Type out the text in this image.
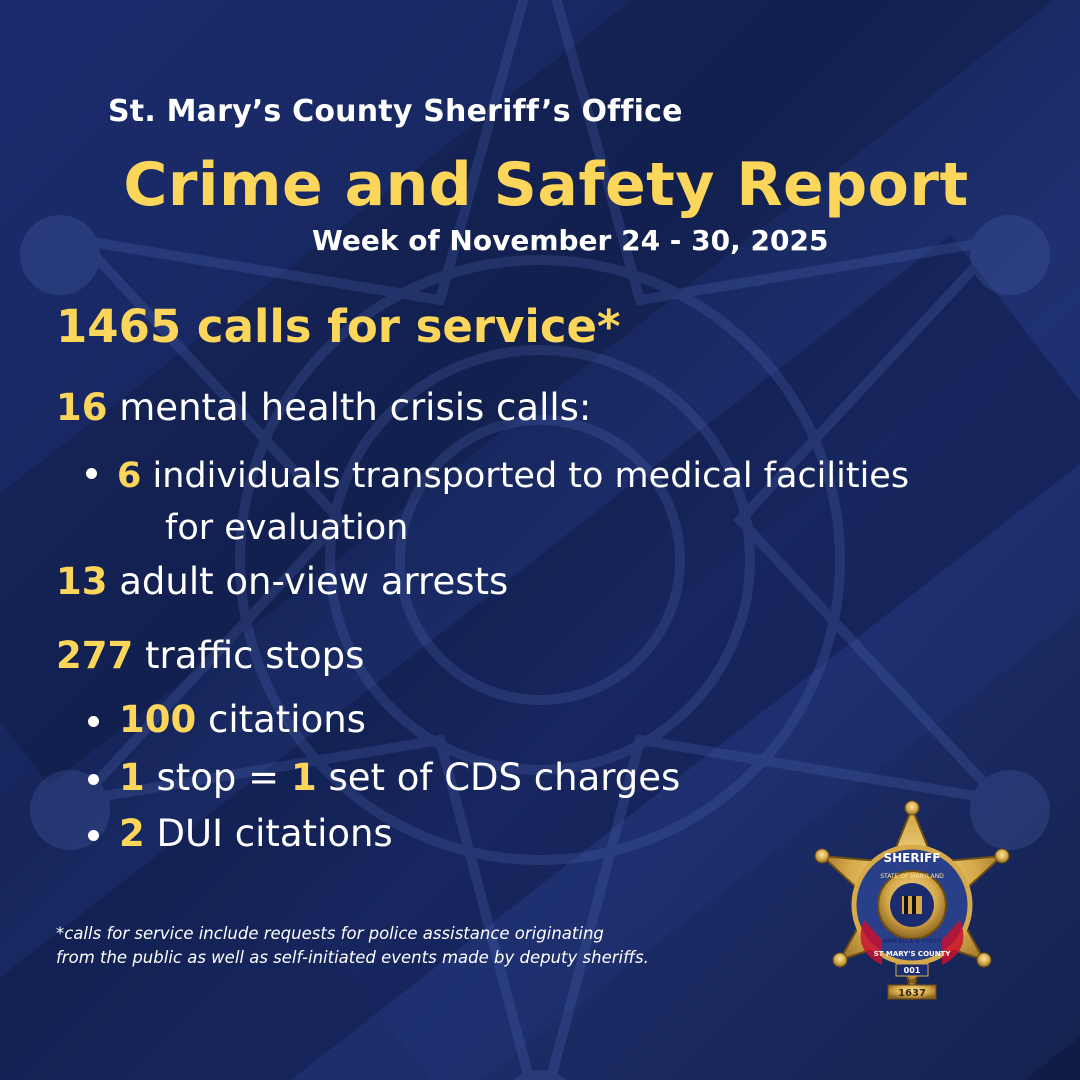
St. Mary’s County Sheriff’s Office
Crime and Safety Report
Week of November 24 - 30, 2025
1465 calls for service*
16 mental health crisis calls:
6 individuals transported to medical facilities
for evaluation
13 adult on-view arrests
277 traffic stops
100 citations
1 stop = 1 set of CDS charges
2 DUI citations
*calls for service include requests for police assistance originating
from the public as well as self-initiated events made by deputy sheriffs.
SHERIFF
STATE OF MARYLAND
AMERICA'S FIRST
ST MARY'S COUNTY
001
SINCE
1637
